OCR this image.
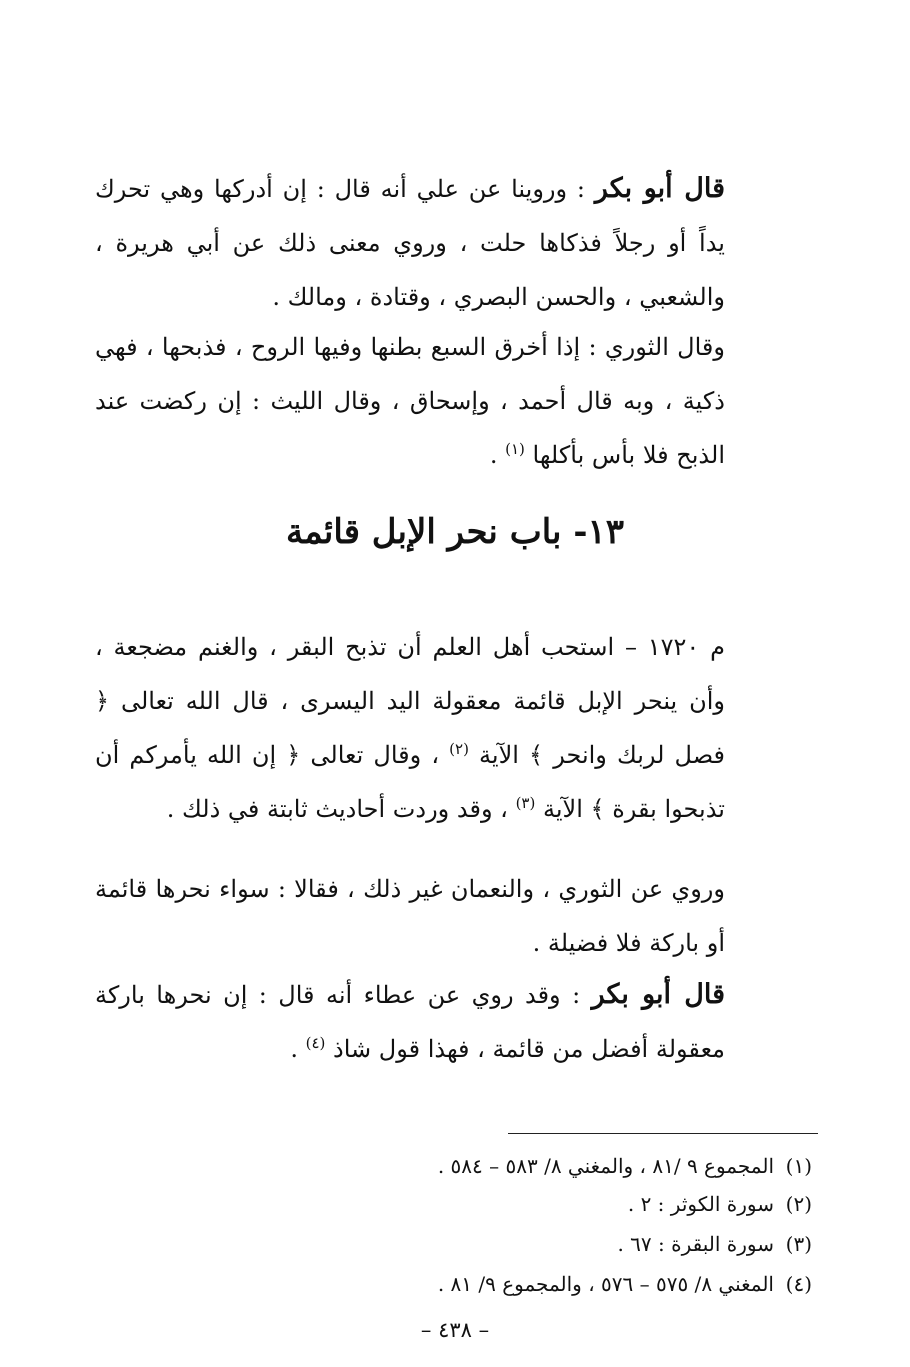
قال أبو بكر : وروينا عن علي أنه قال : إن أدركها وهي تحرك يداً أو رجلاً فذكاها حلت ، وروي معنى ذلك عن أبي هريرة ، والشعبي ، والحسن البصري ، وقتادة ، ومالك .

وقال الثوري : إذا أخرق السبع بطنها وفيها الروح ، فذبحها ، فهي ذكية ، وبه قال أحمد ، وإسحاق ، وقال الليث : إن ركضت عند الذبح فلا بأس بأكلها $^{(١)}$ .

١٣- باب نحر الإبل قائمة

م ١٧٢٠ – استحب أهل العلم أن تذبح البقر ، والغنم مضجعة ، وأن ينحر الإبل قائمة معقولة اليد اليسرى ، قال الله تعالى ﴿ فصل لربك وانحر ﴾ الآية $^{(٢)}$ ، وقال تعالى ﴿ إن الله يأمركم أن تذبحوا بقرة ﴾ الآية $^{(٣)}$ ، وقد وردت أحاديث ثابتة في ذلك .

وروي عن الثوري ، والنعمان غير ذلك ، فقالا : سواء نحرها قائمة أو باركة فلا فضيلة .

قال أبو بكر : وقد روي عن عطاء أنه قال : إن نحرها باركة معقولة أفضل من قائمة ، فهذا قول شاذ $^{(٤)}$ .

(١)المجموع ٩ /٨١ ، والمغني ٨/ ٥٨٣ – ٥٨٤ .

(٢)سورة الكوثر : ٢ .

(٣)سورة البقرة : ٦٧ .

(٤)المغني ٨/ ٥٧٥ – ٥٧٦ ، والمجموع ٩/ ٨١ .

– ٤٣٨ –
